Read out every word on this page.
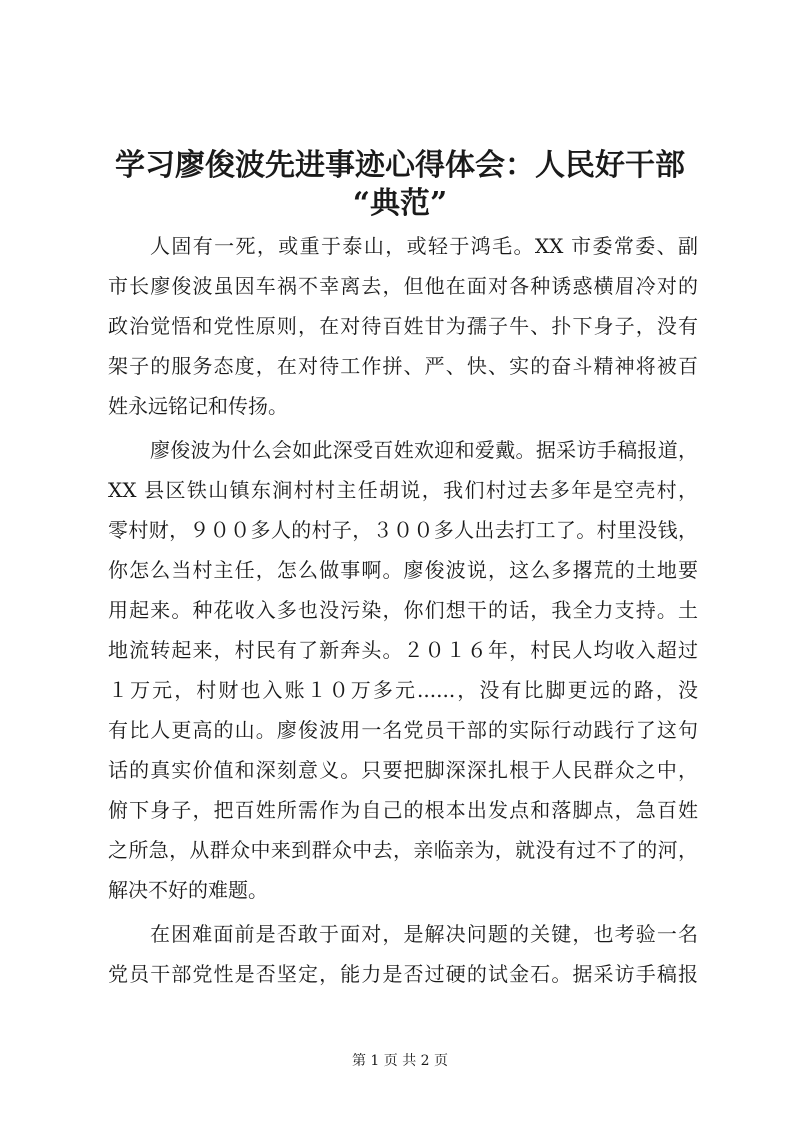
学习廖俊波先进事迹心得体会：人民好干部
“典范”
人固有一死，或重于泰山，或轻于鸿毛。XX 市委常委、副
市长廖俊波虽因车祸不幸离去，但他在面对各种诱惑横眉冷对的
政治觉悟和党性原则，在对待百姓甘为孺子牛、扑下身子，没有
架子的服务态度，在对待工作拼、严、快、实的奋斗精神将被百
姓永远铭记和传扬。
廖俊波为什么会如此深受百姓欢迎和爱戴。据采访手稿报道，
XX 县区铁山镇东涧村村主任胡说，我们村过去多年是空壳村，
零村财，９００多人的村子，３００多人出去打工了。村里没钱，
你怎么当村主任，怎么做事啊。廖俊波说，这么多撂荒的土地要
用起来。种花收入多也没污染，你们想干的话，我全力支持。土
地流转起来，村民有了新奔头。２０１６年，村民人均收入超过
１万元，村财也入账１０万多元......，没有比脚更远的路，没
有比人更高的山。廖俊波用一名党员干部的实际行动践行了这句
话的真实价值和深刻意义。只要把脚深深扎根于人民群众之中，
俯下身子，把百姓所需作为自己的根本出发点和落脚点，急百姓
之所急，从群众中来到群众中去，亲临亲为，就没有过不了的河，
解决不好的难题。
在困难面前是否敢于面对，是解决问题的关键，也考验一名
党员干部党性是否坚定，能力是否过硬的试金石。据采访手稿报
第 1 页 共 2 页
